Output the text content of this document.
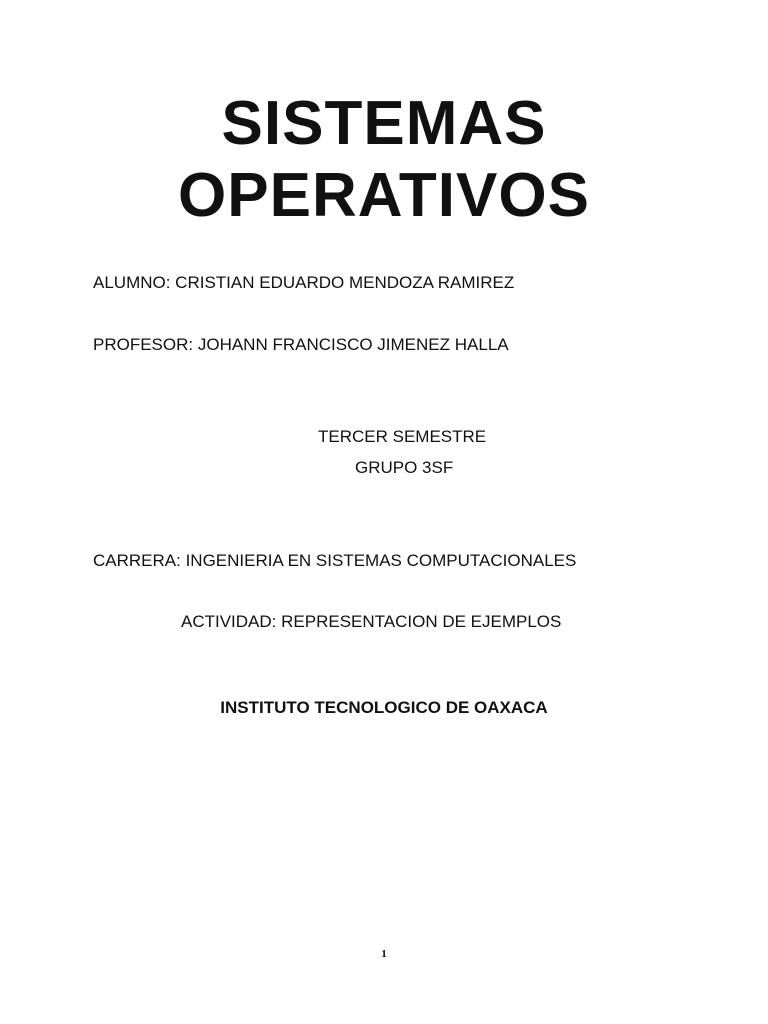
SISTEMAS
OPERATIVOS

ALUMNO: CRISTIAN EDUARDO MENDOZA RAMIREZ

PROFESOR: JOHANN FRANCISCO JIMENEZ HALLA

TERCER SEMESTRE

GRUPO 3SF

CARRERA: INGENIERIA EN SISTEMAS COMPUTACIONALES

ACTIVIDAD: REPRESENTACION DE EJEMPLOS

INSTITUTO TECNOLOGICO DE OAXACA

1
